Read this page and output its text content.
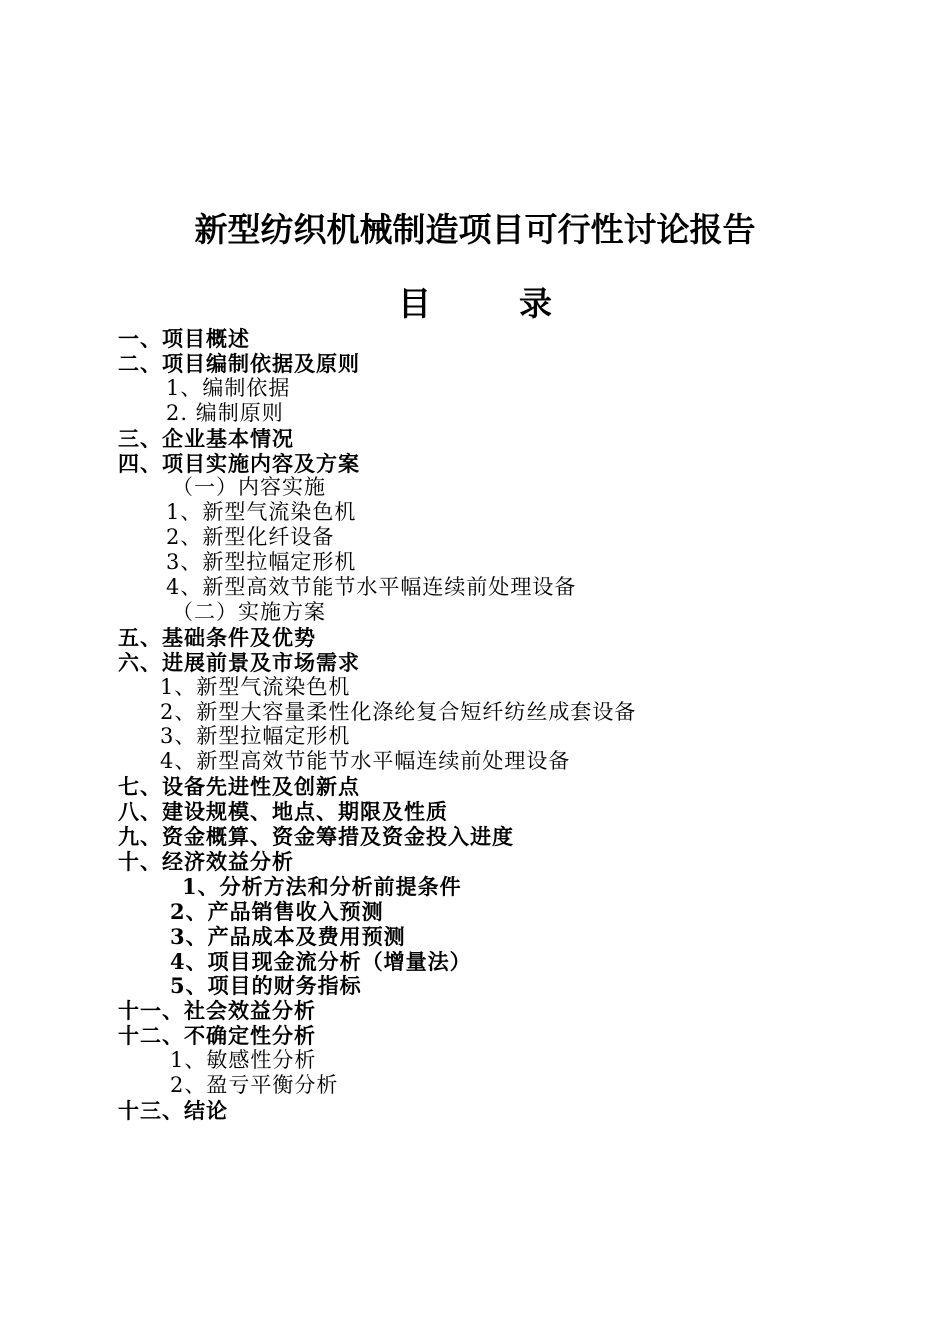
新型纺织机械制造项目可行性讨论报告
目	录
一、项目概述
二、项目编制依据及原则
1、编制依据
2. 编制原则
三、企业基本情况
四、项目实施内容及方案
（一）内容实施
1、新型气流染色机
2、新型化纤设备
3、新型拉幅定形机
4、新型高效节能节水平幅连续前处理设备
（二）实施方案
五、基础条件及优势
六、进展前景及市场需求
1、新型气流染色机
2、新型大容量柔性化涤纶复合短纤纺丝成套设备
3、新型拉幅定形机
4、新型高效节能节水平幅连续前处理设备
七、设备先进性及创新点
八、建设规模、地点、期限及性质
九、资金概算、资金筹措及资金投入进度
十、经济效益分析
1、分析方法和分析前提条件
2、产品销售收入预测
3、产品成本及费用预测
4、项目现金流分析（增量法）
5、项目的财务指标
十一、社会效益分析
十二、不确定性分析
1、敏感性分析
2、盈亏平衡分析
十三、结论
